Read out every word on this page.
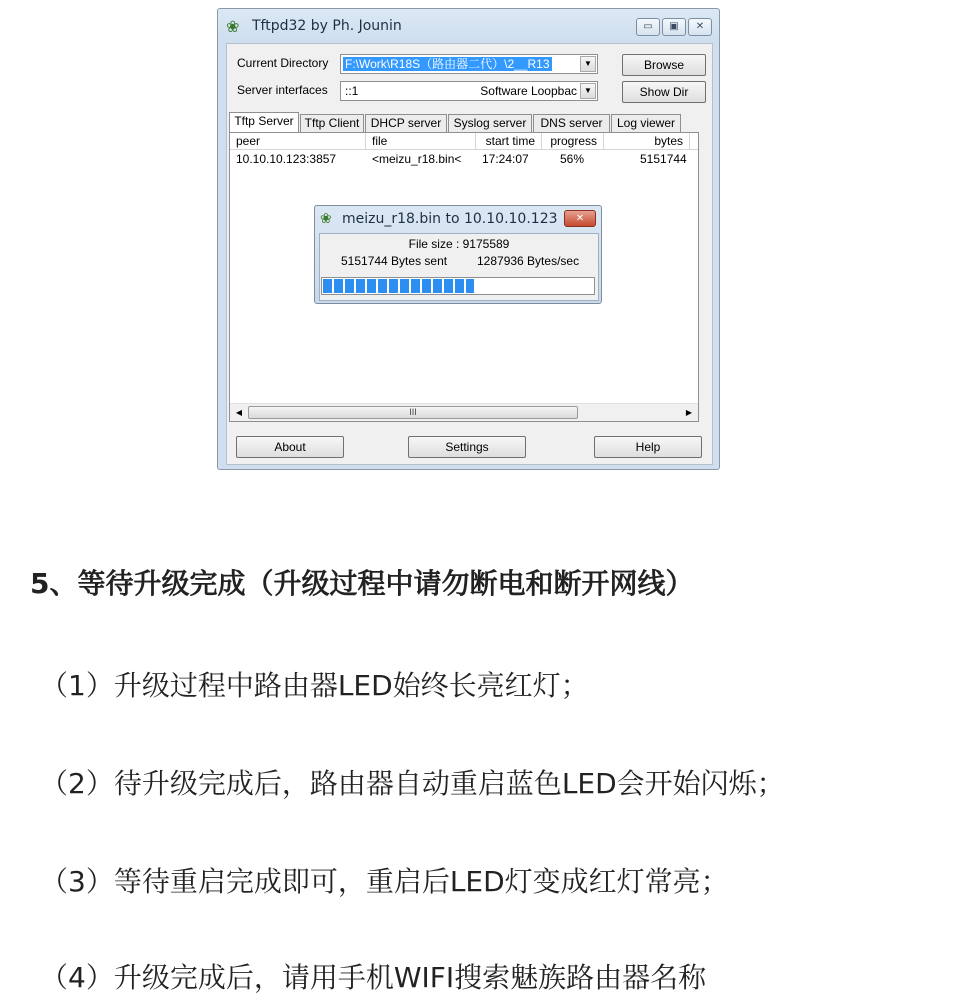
❀ Tftpd32 by Ph. Jounin	▭	▣	✕
Current Directory F:\Work\R18S（路由器二代）\2__R13	▼	Browse
Server interfaces ::1	Software Loopbac ▼	Show Dir
Tftp Server Tftp Client DHCP server	Syslog server	DNS server	Log viewer
peer	file	start time	progress	bytes
10.10.10.123:3857	<meizu_r18.bin< 17:24:07	56%	5151744
◀	III	▶
About	Settings	Help
❀ meizu_r18.bin to 10.10.10.123	✕
File size : 9175589
5151744 Bytes sent 1287936 Bytes/sec
5、等待升级完成（升级过程中请勿断电和断开网线）
（1）升级过程中路由器LED始终长亮红灯；
（2）待升级完成后，路由器自动重启蓝色LED会开始闪烁；
（3）等待重启完成即可，重启后LED灯变成红灯常亮；
（4）升级完成后，请用手机WIFI搜索魅族路由器名称
